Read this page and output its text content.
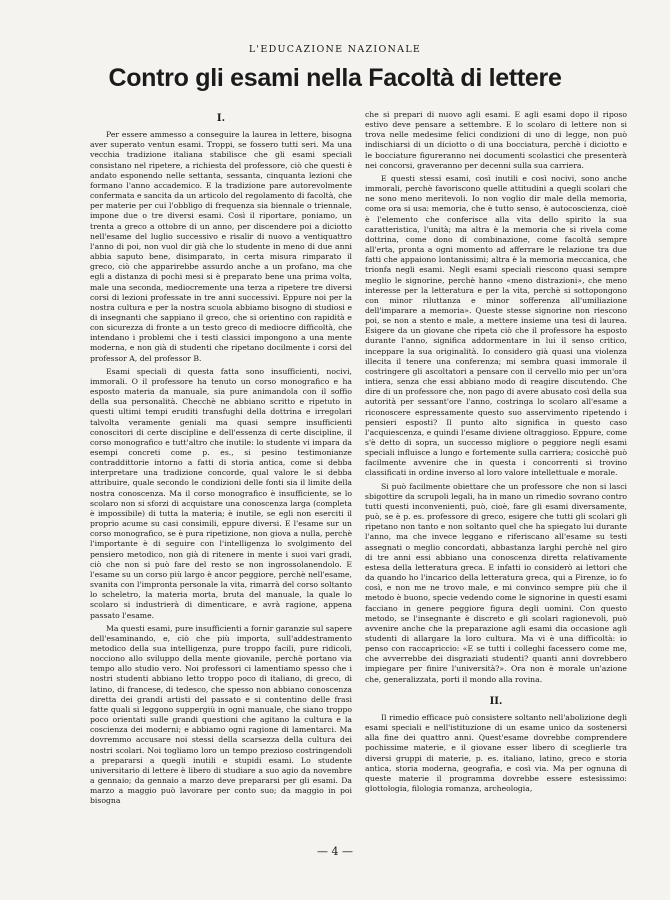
L'EDUCAZIONE NAZIONALE
Contro gli esami nella Facoltà di lettere
I.

Per essere ammesso a conseguire la laurea in lettere, bisogna aver superato ventun esami. Troppi, se fossero tutti seri. Ma una vecchia tradizione italiana stabilisce che gli esami speciali consistano nel ripetere, a richiesta del professore, ciò che questi è andato esponendo nelle settanta, sessanta, cinquanta lezioni che formano l'anno accademico. E la tradizione pare autorevolmente confermata e sancita da un articolo del regolamento di facoltà, che per materie per cui l'obbligo di frequenza sia biennale o triennale, impone due o tre diversi esami. Così il riportare, poniamo, un trenta a greco a ottobre di un anno, per discendere poi a diciotto nell'esame del luglio successivo e risalir di nuovo a ventiquattro l'anno di poi, non vuol dir già che lo studente in meno di due anni abbia saputo bene, disimparato, in certa misura rimparato il greco, ciò che apparirebbe assurdo anche a un profano, ma che egli a distanza di pochi mesi si è preparato bene una prima volta, male una seconda, mediocremente una terza a ripetere tre diversi corsi di lezioni professate in tre anni successivi. Eppure noi per la nostra cultura e per la nostra scuola abbiamo bisogno di studiosi e di insegnanti che sappiano il greco, che si orientino con rapidità e con sicurezza di fronte a un testo greco di mediocre difficoltà, che intendano i problemi che i testi classici impongono a una mente moderna, e non già di studenti che ripetano docilmente i corsi del professor A, del professor B.

Esami speciali di questa fatta sono insufficienti, nocivi, immorali. O il professore ha tenuto un corso monografico e ha esposto materia da manuale, sia pure animandola con il soffio della sua personalità. Checchè ne abbiano scritto e ripetuto in questi ultimi tempi eruditi transfughi della dottrina e irregolari talvolta veramente geniali ma quasi sempre insufficienti conoscitori di certe discipline e dell'essenza di certe discipline, il corso monografico e tutt'altro che inutile: lo studente vi impara da esempi concreti come p. es., si pesino testimonianze contraddittorie intorno a fatti di storia antica, come si debba interpretare una tradizione concorde, qual valore le si debba attribuire, quale secondo le condizioni delle fonti sia il limite della nostra conoscenza. Ma il corso monografico è insufficiente, se lo scolaro non si sforzi di acquistare una conoscenza larga (completa è impossibile) di tutta la materia; è inutile, se egli non eserciti il proprio acume su casi consimili, eppure diversi. E l'esame sur un corso monografico, se è pura ripetizione, non giova a nulla, perchè l'importante è di seguire con l'intelligenza lo svolgimento del pensiero metodico, non già di ritenere in mente i suoi vari gradi, ciò che non si può fare del resto se non ingrossolanendolo. E l'esame su un corso più largo è ancor peggiore, perchè nell'esame, svanita con l'impronta personale la vita, rimarrà del corso soltanto lo scheletro, la materia morta, bruta del manuale, la quale lo scolaro si industrierà di dimenticare, e avrà ragione, appena passato l'esame.

Ma questi esami, pure insufficienti a fornir garanzie sul sapere dell'esaminando, e, ciò che più importa, sull'addestramento metodico della sua intelligenza, pure troppo facili, pure ridicoli, nocciono allo sviluppo della mente giovanile, perchè portano via tempo allo studio vero. Noi professori ci lamentiamo spesso che i nostri studenti abbiano letto troppo poco di italiano, di greco, di latino, di francese, di tedesco, che spesso non abbiano conoscenza diretta dei grandi artisti del passato e si contentino delle frasi fatte quali si leggono suppergiù in ogni manuale, che siano troppo poco orientati sulle grandi questioni che agitano la cultura e la coscienza dei moderni; e abbiamo ogni ragione di lamentarci. Ma dovremmo accusare noi stessi della scarsezza della cultura dei nostri scolari. Noi togliamo loro un tempo prezioso costringendoli a prepararsi a quegli inutili e stupidi esami. Lo studente universitario di lettere è libero di studiare a suo agio da novembre a gennaio; da gennaio a marzo deve prepararsi per gli esami. Da marzo a maggio può lavorare per conto suo; da maggio in poi bisogna

che si prepari di nuovo agli esami. E agli esami dopo il riposo estivo deve pensare a settembre. E lo scolaro di lettere non si trova nelle medesime felici condizioni di uno di legge, non può indischiarsi di un diciotto o di una bocciatura, perchè i diciotto e le bocciature figureranno nei documenti scolastici che presenterà nei concorsi, graveranno per decenni sulla sua carriera.

E questi stessi esami, così inutili e così nocivi, sono anche immorali, perchè favoriscono quelle attitudini a quegli scolari che ne sono meno meritevoli. Io non voglio dir male della memoria, come ora si usa: memoria, che è tutto senso, è autocoscienza, cioè è l'elemento che conferisce alla vita dello spirito la sua caratteristica, l'unità; ma altra è la memoria che si rivela come dottrina, come dono di combinazione, come facoltà sempre all'erta, pronta a ogni momento ad afferrare le relazione tra due fatti che appaiono lontanissimi; altra è la memoria meccanica, che trionfa negli esami. Negli esami speciali riescono quasi sempre meglio le signorine, perchè hanno «meno distrazioni», che meno interesse per la letteratura e per la vita, perchè si sottopongono con minor riluttanza e minor sofferenza all'umiliazione dell'imparare a memoria». Queste stesse signorine non riescono poi, se non a stento e male, a mettere insieme una tesi di laurea. Esigere da un giovane che ripeta ciò che il professore ha esposto durante l'anno, significa addormentare in lui il senso critico, inceppare la sua originalità. Io considero già quasi una violenza illecita il tenere una conferenza; mi sembra quasi immorale il costringere gli ascoltatori a pensare con il cervello mio per un'ora intiera, senza che essi abbiano modo di reagire discutendo. Che dire di un professore che, non pago di avere abusato così della sua autorità per sessant'ore l'anno, costringa lo scolaro all'esame a riconoscere espressamente questo suo asservimento ripetendo i pensieri esposti? Il punto alto significa in questo caso l'acquiescenza, e quindi l'esame diviene oltraggioso. Eppure, come s'è detto di sopra, un successo migliore o peggiore negli esami speciali influisce a lungo e fortemente sulla carriera; cosicchè può facilmente avvenire che in questa i concorrenti si trovino classificati in ordine inverso al loro valore intellettuale e morale.

Si può facilmente obiettare che un professore che non si lasci sbigottire da scrupoli legali, ha in mano un rimedio sovrano contro tutti questi inconvenienti, può, cioè, fare gli esami diversamente, può, se è p. es. professore di greco, esigere che tutti gli scolari gli ripetano non tanto e non soltanto quel che ha spiegato lui durante l'anno, ma che invece leggano e riferiscano all'esame su testi assegnati o meglio concordati, abbastanza larghi perchè nel giro di tre anni essi abbiano una conoscenza diretta relativamente estesa della letteratura greca. E infatti io considerò ai lettori che da quando ho l'incarico della letteratura greca, qui a Firenze, io fo così, e non me ne trovo male, e mi convinco sempre più che il metodo è buono, specie vedendo come le signorine in questi esami facciano in genere peggiore figura degli uomini. Con questo metodo, se l'insegnante è discreto e gli scolari ragionevoli, può avvenire anche che la preparazione agli esami dia occasione agli studenti di allargare la loro cultura. Ma vi è una difficoltà: io penso con raccapriccio: «E se tutti i colleghi facessero come me, che avverrebbe dei disgraziati studenti? quanti anni dovrebbero impiegare per finire l'università?». Ora non è morale un'azione che, generalizzata, porti il mondo alla rovina.

II.

Il rimedio efficace può consistere soltanto nell'abolizione degli esami speciali e nell'istituzione di un esame unico da sostenersi alla fine dei quattro anni. Quest'esame dovrebbe comprendere pochissime materie, e il giovane esser libero di sceglierle tra diversi gruppi di materie, p. es. italiano, latino, greco e storia antica, storia moderna, geografia, e così via. Ma per ognuna di queste materie il programma dovrebbe essere estesissimo: glottologia, filologia romanza, archeologia,

— 4 —
